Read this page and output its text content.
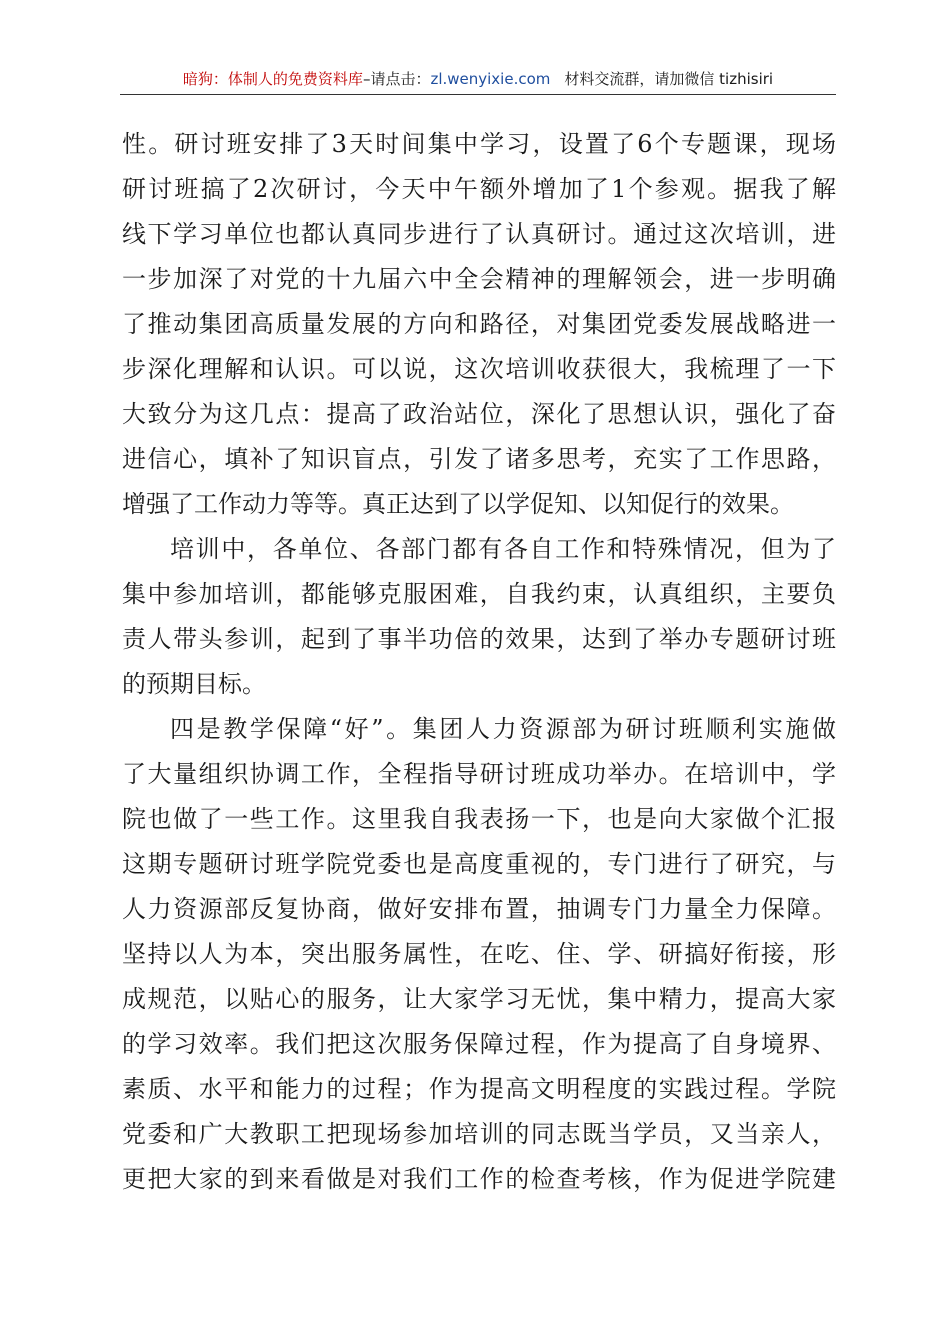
暗狗：体制人的免费资料库–请点击：zl.wenyixie.com 材料交流群，请加微信 tizhisiri
性。研讨班安排了3天时间集中学习，设置了6个专题课，现场
研讨班搞了2次研讨，今天中午额外增加了1个参观。据我了解
线下学习单位也都认真同步进行了认真研讨。通过这次培训，进
一步加深了对党的十九届六中全会精神的理解领会，进一步明确
了推动集团高质量发展的方向和路径，对集团党委发展战略进一
步深化理解和认识。可以说，这次培训收获很大，我梳理了一下
大致分为这几点：提高了政治站位，深化了思想认识，强化了奋
进信心，填补了知识盲点，引发了诸多思考，充实了工作思路，
增强了工作动力等等。真正达到了以学促知、以知促行的效果。
培训中，各单位、各部门都有各自工作和特殊情况，但为了
集中参加培训，都能够克服困难，自我约束，认真组织，主要负
责人带头参训，起到了事半功倍的效果，达到了举办专题研讨班
的预期目标。
四是教学保障“好”。集团人力资源部为研讨班顺利实施做
了大量组织协调工作，全程指导研讨班成功举办。在培训中，学
院也做了一些工作。这里我自我表扬一下，也是向大家做个汇报
这期专题研讨班学院党委也是高度重视的，专门进行了研究，与
人力资源部反复协商，做好安排布置，抽调专门力量全力保障。
坚持以人为本，突出服务属性，在吃、住、学、研搞好衔接，形
成规范，以贴心的服务，让大家学习无忧，集中精力，提高大家
的学习效率。我们把这次服务保障过程，作为提高了自身境界、
素质、水平和能力的过程；作为提高文明程度的实践过程。学院
党委和广大教职工把现场参加培训的同志既当学员，又当亲人，
更把大家的到来看做是对我们工作的检查考核，作为促进学院建
